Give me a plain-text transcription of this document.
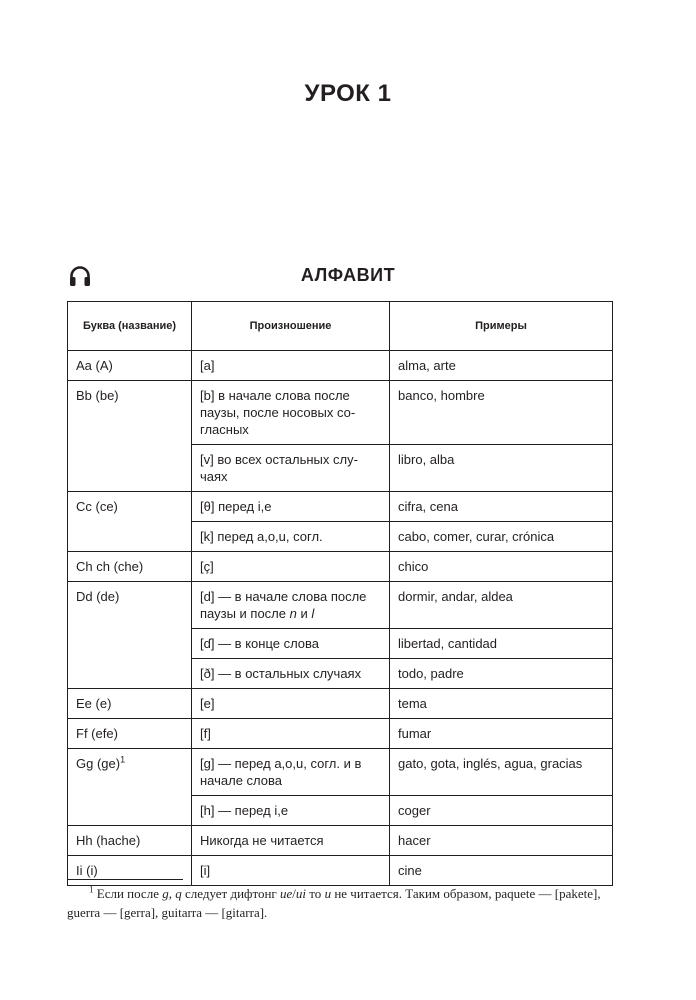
УРОК 1
АЛФАВИТ
Буква (название)	Произношение	Примеры
Aa (A)	[a]	alma, arte
Bb (be)	[b] в начале слова после паузы, после носовых со-гласных	banco, hombre
	[v] во всех остальных слу-чаях	libro, alba
Cc (ce)	[θ] перед i,e	cifra, cena
	[k] перед a,o,u, согл.	cabo, comer, curar, crónica
Ch ch (che)	[ç]	chico
Dd (de)	[d] — в начале слова после паузы и после n и l	dormir, andar, aldea
	[ɗ] — в конце слова	libertad, cantidad
	[ð] — в остальных случаях	todo, padre
Ee (e)	[e]	tema
Ff (efe)	[f]	fumar
Gg (ge)$^1$	[g] — перед a,o,u, согл. и в начале слова	gato, gota, inglés, agua, gracias
	[h] — перед i,e	coger
Hh (hache)	Никогда не читается	hacer
Ii (i)	[i]	cine
$^1$ Если после g, q следует дифтонг ue/ui то u не читается. Таким образом, paquete — [pakete], guerra — [gerra], guitarra — [gitarra].
